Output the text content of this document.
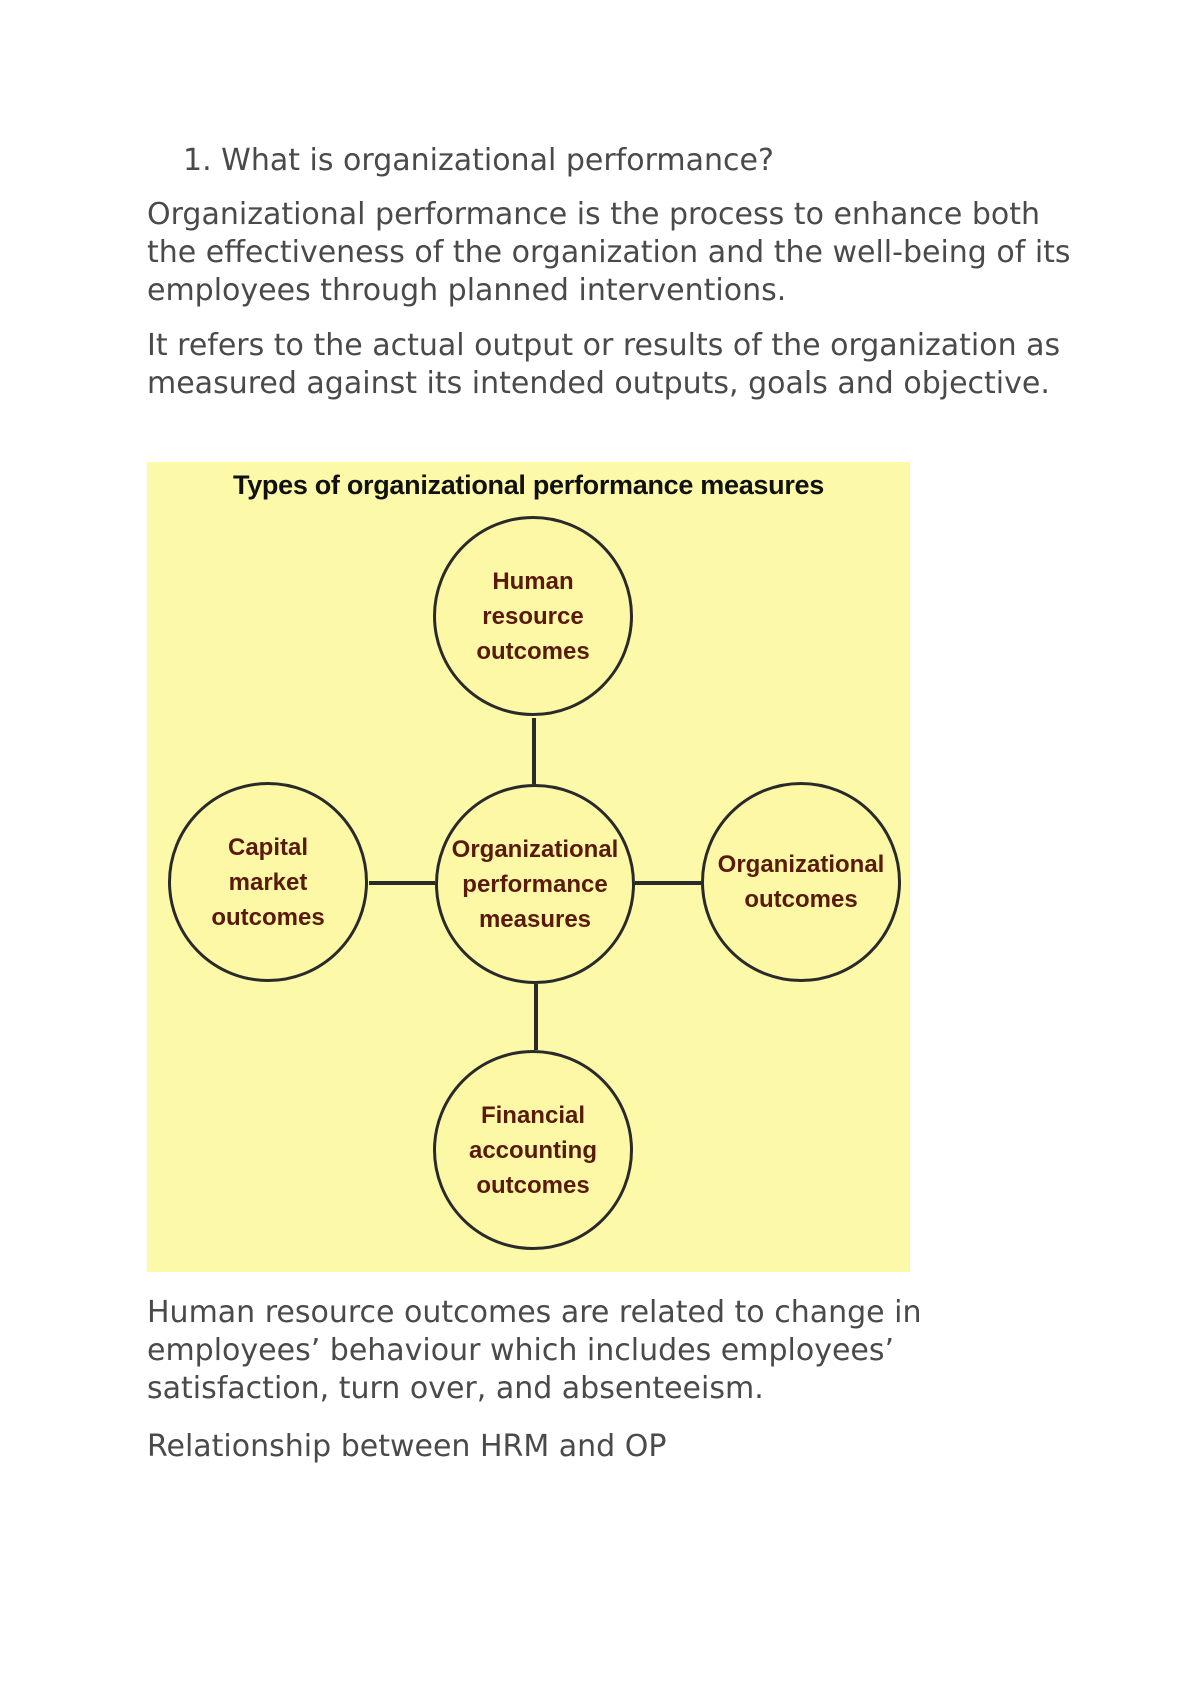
1. What is organizational performance?

Organizational performance is the process to enhance both the effectiveness of the organization and the well-being of its employees through planned interventions.

It refers to the actual output or results of the organization as measured against its intended outputs, goals and objective.

Types of organizational performance measures
Human
resource
outcomes
Organizational
performance
measures
Capital
market
outcomes
Organizational
outcomes
Financial
accounting
outcomes

Human resource outcomes are related to change in employees’ behaviour which includes employees’ satisfaction, turn over, and absenteeism.

Relationship between HRM and OP
